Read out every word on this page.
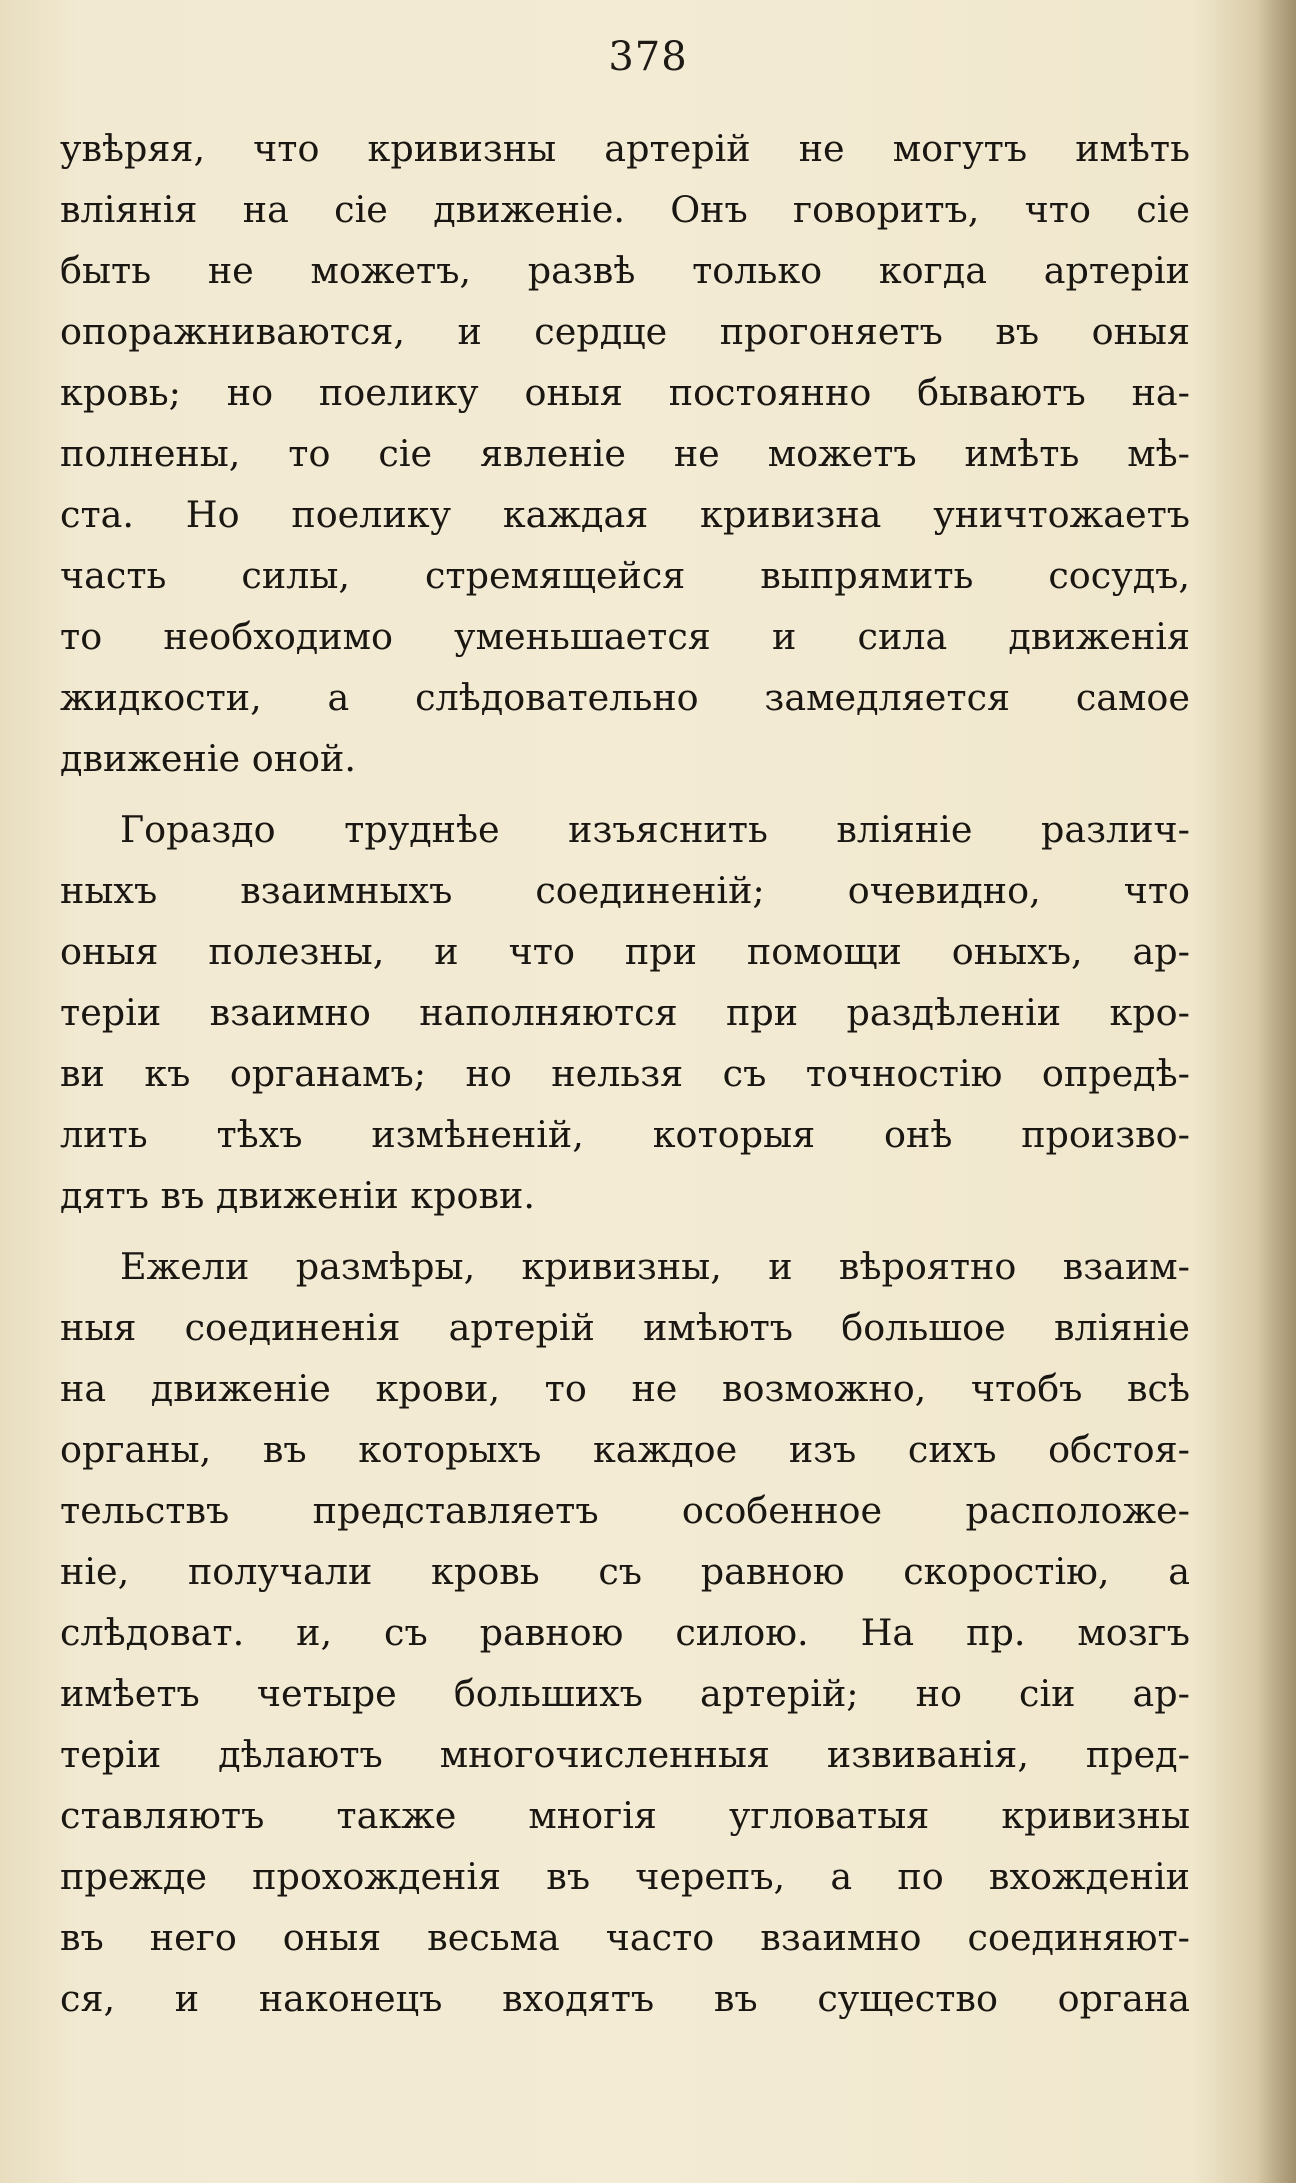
378
увѣряя, что кривизны артерій не могутъ имѣть
вліянія на сіе движеніе. Онъ говоритъ, что сіе
быть не можетъ, развѣ только когда артеріи
опоражниваются, и сердце прогоняетъ въ оныя
кровь; но поелику оныя постоянно бываютъ на-
полнены, то сіе явленіе не можетъ имѣть мѣ-
ста. Но поелику каждая кривизна уничтожаетъ
часть силы, стремящейся выпрямить сосудъ,
то необходимо уменьшается и сила движенія
жидкости, а слѣдовательно замедляется самое
движеніе оной.
Гораздо труднѣе изъяснить вліяніе различ-
ныхъ взаимныхъ соединеній; очевидно, что
оныя полезны, и что при помощи оныхъ, ар-
теріи взаимно наполняются при раздѣленіи кро-
ви къ органамъ; но нельзя съ точностію опредѣ-
лить тѣхъ измѣненій, которыя онѣ произво-
дятъ въ движеніи крови.
Ежели размѣры, кривизны, и вѣроятно взаим-
ныя соединенія артерій имѣютъ большое вліяніе
на движеніе крови, то не возможно, чтобъ всѣ
органы, въ которыхъ каждое изъ сихъ обстоя-
тельствъ представляетъ особенное расположе-
ніе, получали кровь съ равною скоростію, а
слѣдоват. и, съ равною силою. На пр. мозгъ
имѣетъ четыре большихъ артерій; но сіи ар-
теріи дѣлаютъ многочисленныя извиванія, пред-
ставляютъ также многія угловатыя кривизны
прежде прохожденія въ черепъ, а по вхожденіи
въ него оныя весьма часто взаимно соединяют-
ся, и наконецъ входятъ въ существо органа
